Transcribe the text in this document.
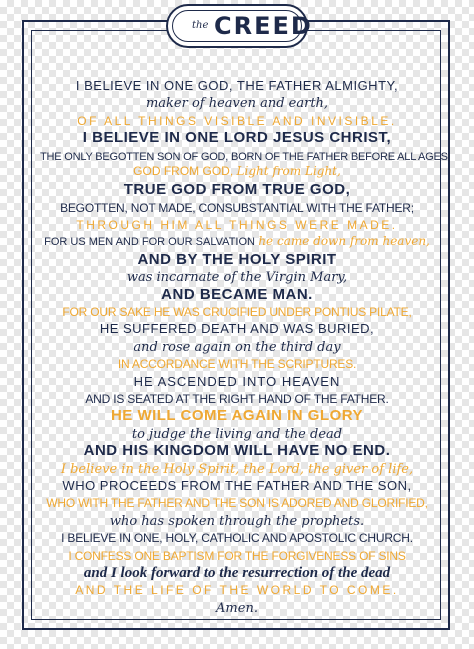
the CREED
I BELIEVE IN ONE GOD, THE FATHER ALMIGHTY,
maker of heaven and earth,
OF ALL THINGS VISIBLE AND INVISIBLE.
I BELIEVE IN ONE LORD JESUS CHRIST,
THE ONLY BEGOTTEN SON OF GOD, BORN OF THE FATHER BEFORE ALL AGES.
GOD FROM GOD, Light from Light,
TRUE GOD FROM TRUE GOD,
BEGOTTEN, NOT MADE, CONSUBSTANTIAL WITH THE FATHER;
THROUGH HIM ALL THINGS WERE MADE.
FOR US MEN AND FOR OUR SALVATION he came down from heaven,
AND BY THE HOLY SPIRIT
was incarnate of the Virgin Mary,
AND BECAME MAN.
FOR OUR SAKE HE WAS CRUCIFIED UNDER PONTIUS PILATE,
HE SUFFERED DEATH AND WAS BURIED,
and rose again on the third day
IN ACCORDANCE WITH THE SCRIPTURES.
HE ASCENDED INTO HEAVEN
AND IS SEATED AT THE RIGHT HAND OF THE FATHER.
HE WILL COME AGAIN IN GLORY
to judge the living and the dead
AND HIS KINGDOM WILL HAVE NO END.
I believe in the Holy Spirit, the Lord, the giver of life,
WHO PROCEEDS FROM THE FATHER AND THE SON,
WHO WITH THE FATHER AND THE SON IS ADORED AND GLORIFIED,
who has spoken through the prophets.
I BELIEVE IN ONE, HOLY, CATHOLIC AND APOSTOLIC CHURCH.
I CONFESS ONE BAPTISM FOR THE FORGIVENESS OF SINS
and I look forward to the resurrection of the dead
AND THE LIFE OF THE WORLD TO COME.
Amen.
